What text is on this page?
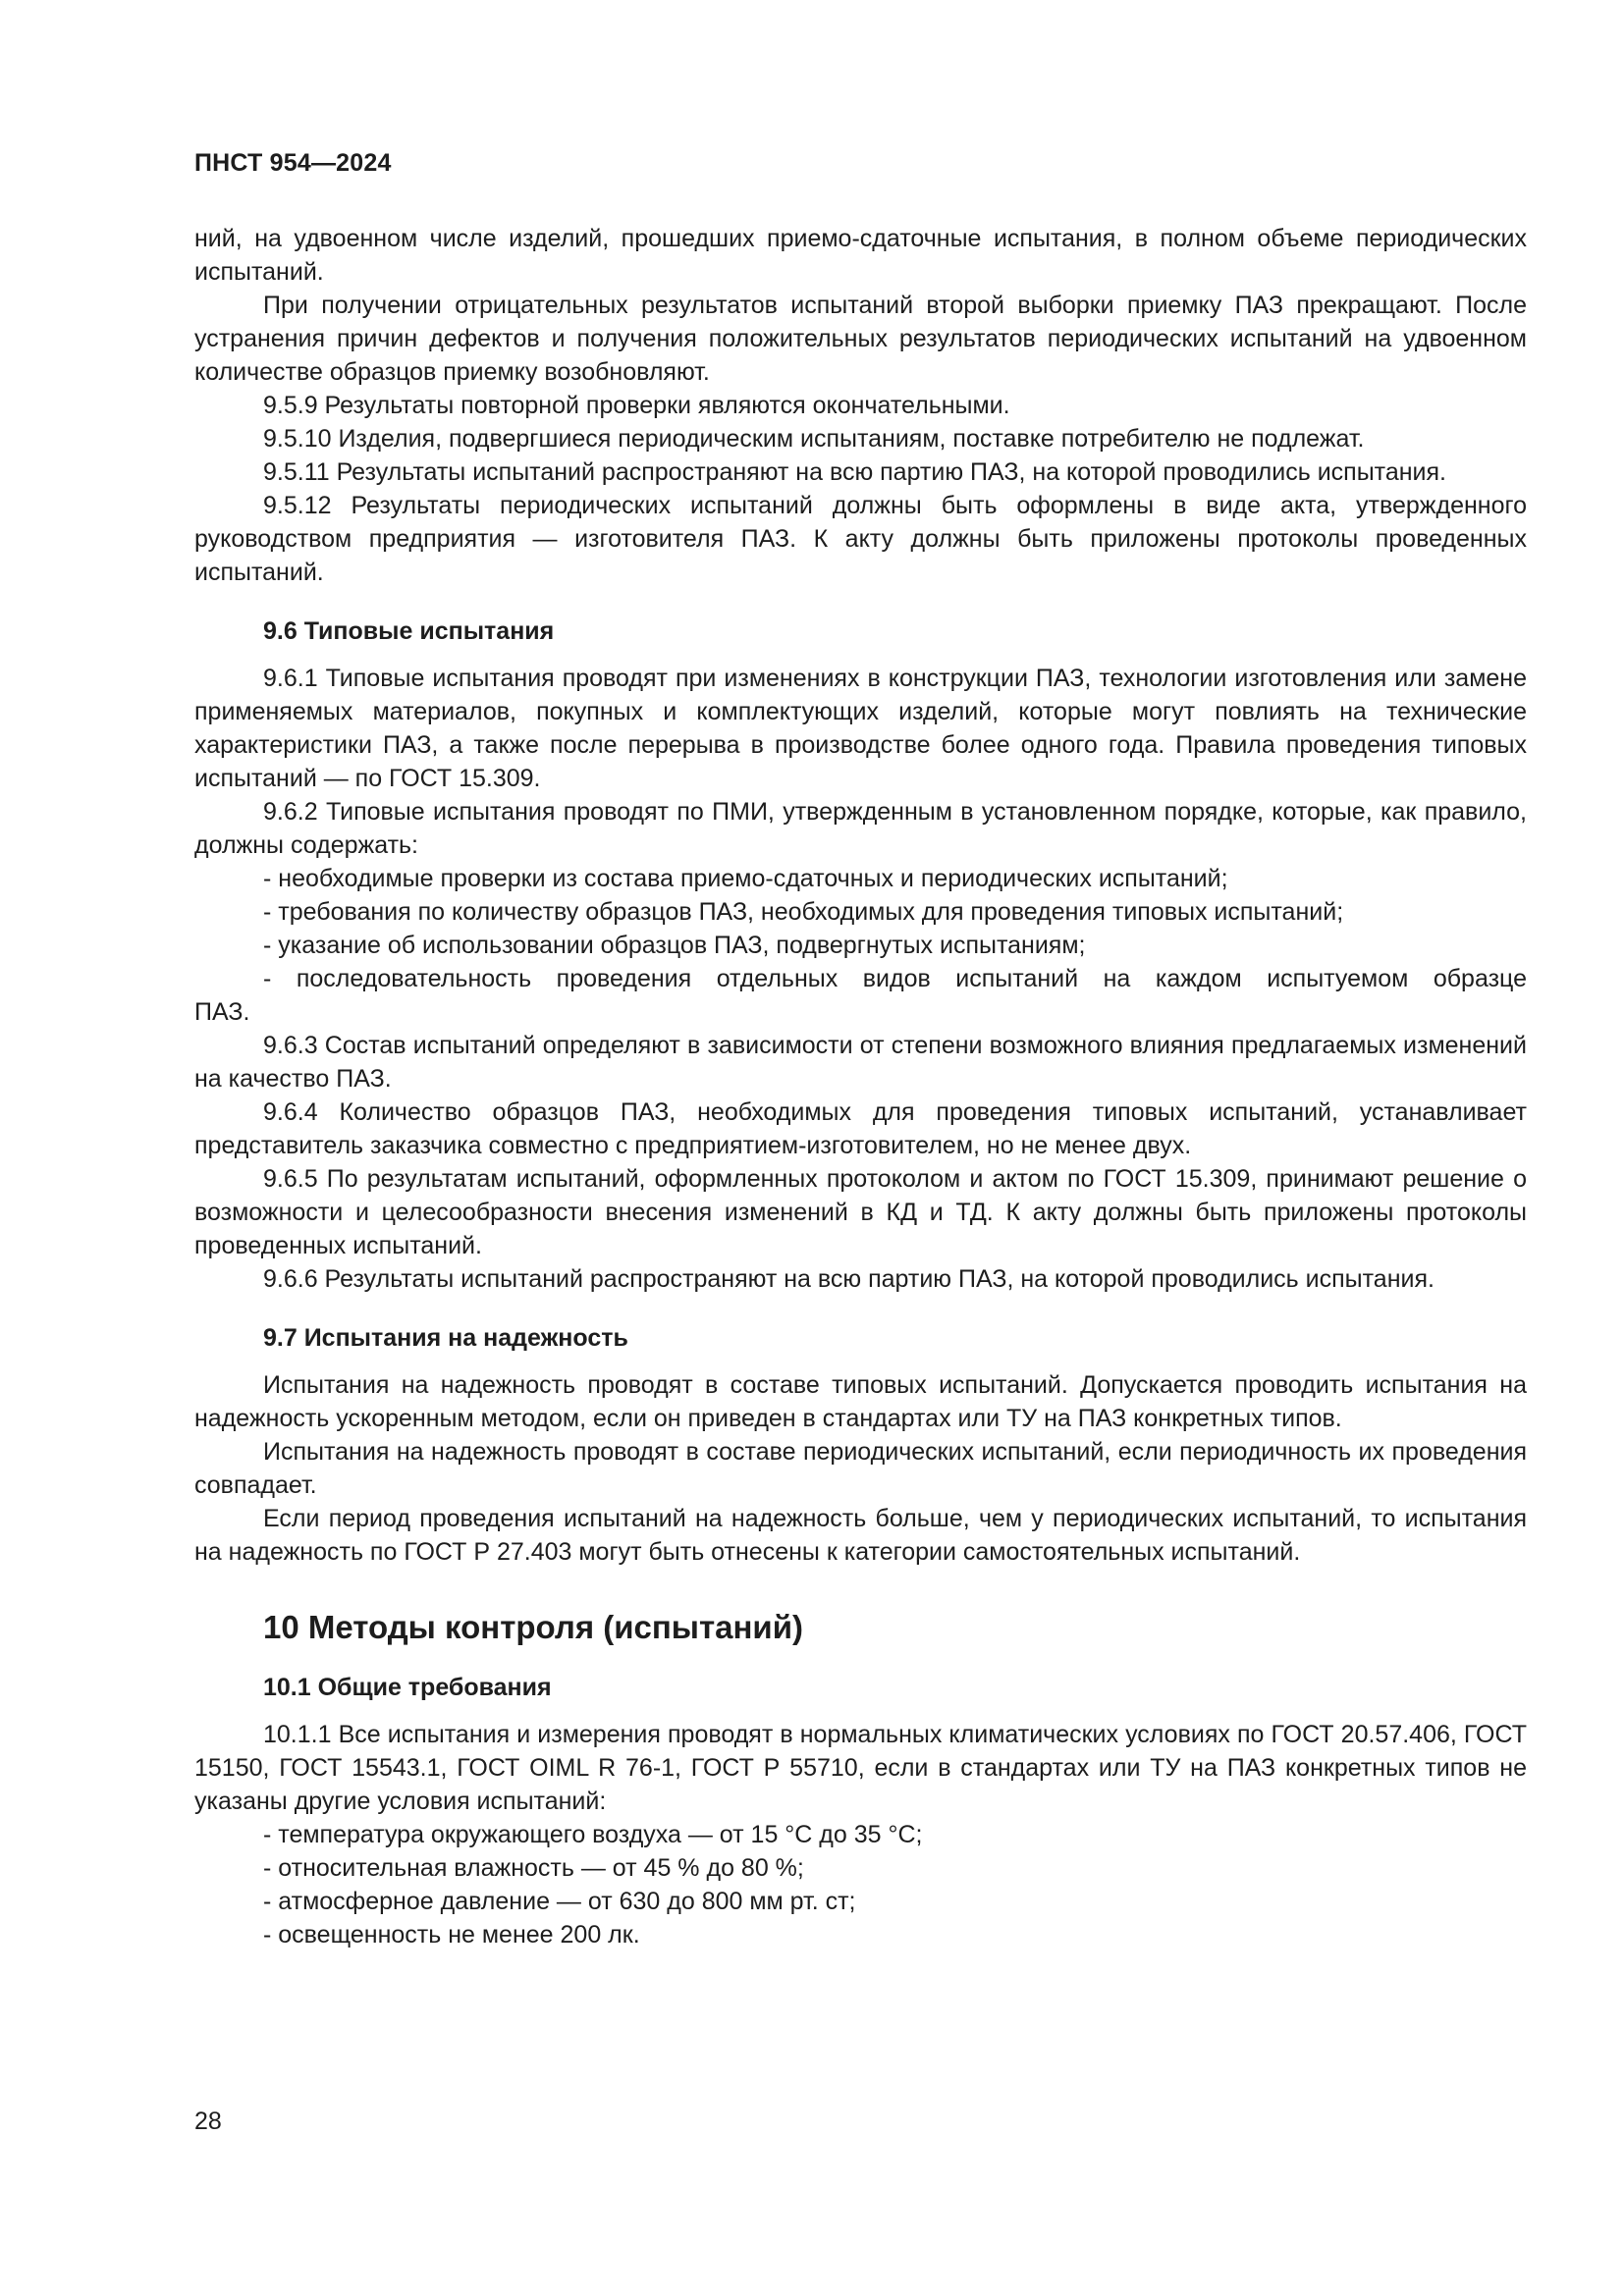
ПНСТ 954—2024

ний, на удвоенном числе изделий, прошедших приемо-сдаточные испытания, в полном объеме периодических испытаний.

При получении отрицательных результатов испытаний второй выборки приемку ПАЗ прекращают. После устранения причин дефектов и получения положительных результатов периодических испытаний на удвоенном количестве образцов приемку возобновляют.

9.5.9 Результаты повторной проверки являются окончательными.

9.5.10 Изделия, подвергшиеся периодическим испытаниям, поставке потребителю не подлежат.

9.5.11 Результаты испытаний распространяют на всю партию ПАЗ, на которой проводились испытания.

9.5.12 Результаты периодических испытаний должны быть оформлены в виде акта, утвержденного руководством предприятия — изготовителя ПАЗ. К акту должны быть приложены протоколы проведенных испытаний.

9.6 Типовые испытания

9.6.1 Типовые испытания проводят при изменениях в конструкции ПАЗ, технологии изготовления или замене применяемых материалов, покупных и комплектующих изделий, которые могут повлиять на технические характеристики ПАЗ, а также после перерыва в производстве более одного года. Правила проведения типовых испытаний — по ГОСТ 15.309.

9.6.2 Типовые испытания проводят по ПМИ, утвержденным в установленном порядке, которые, как правило, должны содержать:

- необходимые проверки из состава приемо-сдаточных и периодических испытаний;

- требования по количеству образцов ПАЗ, необходимых для проведения типовых испытаний;

- указание об использовании образцов ПАЗ, подвергнутых испытаниям;

- последовательность проведения отдельных видов испытаний на каждом испытуемом образце

ПАЗ.

9.6.3 Состав испытаний определяют в зависимости от степени возможного влияния предлагаемых изменений на качество ПАЗ.

9.6.4 Количество образцов ПАЗ, необходимых для проведения типовых испытаний, устанавливает представитель заказчика совместно с предприятием-изготовителем, но не менее двух.

9.6.5 По результатам испытаний, оформленных протоколом и актом по ГОСТ 15.309, принимают решение о возможности и целесообразности внесения изменений в КД и ТД. К акту должны быть приложены протоколы проведенных испытаний.

9.6.6 Результаты испытаний распространяют на всю партию ПАЗ, на которой проводились испытания.

9.7 Испытания на надежность

Испытания на надежность проводят в составе типовых испытаний. Допускается проводить испытания на надежность ускоренным методом, если он приведен в стандартах или ТУ на ПАЗ конкретных типов.

Испытания на надежность проводят в составе периодических испытаний, если периодичность их проведения совпадает.

Если период проведения испытаний на надежность больше, чем у периодических испытаний, то испытания на надежность по ГОСТ Р 27.403 могут быть отнесены к категории самостоятельных испытаний.

10 Методы контроля (испытаний)
10.1 Общие требования

10.1.1 Все испытания и измерения проводят в нормальных климатических условиях по ГОСТ 20.57.406, ГОСТ 15150, ГОСТ 15543.1, ГОСТ OIML R 76-1, ГОСТ Р 55710, если в стандартах или ТУ на ПАЗ конкретных типов не указаны другие условия испытаний:

- температура окружающего воздуха — от 15 °С до 35 °С;

- относительная влажность — от 45 % до 80 %;

- атмосферное давление — от 630 до 800 мм рт. ст;

- освещенность не менее 200 лк.

28
